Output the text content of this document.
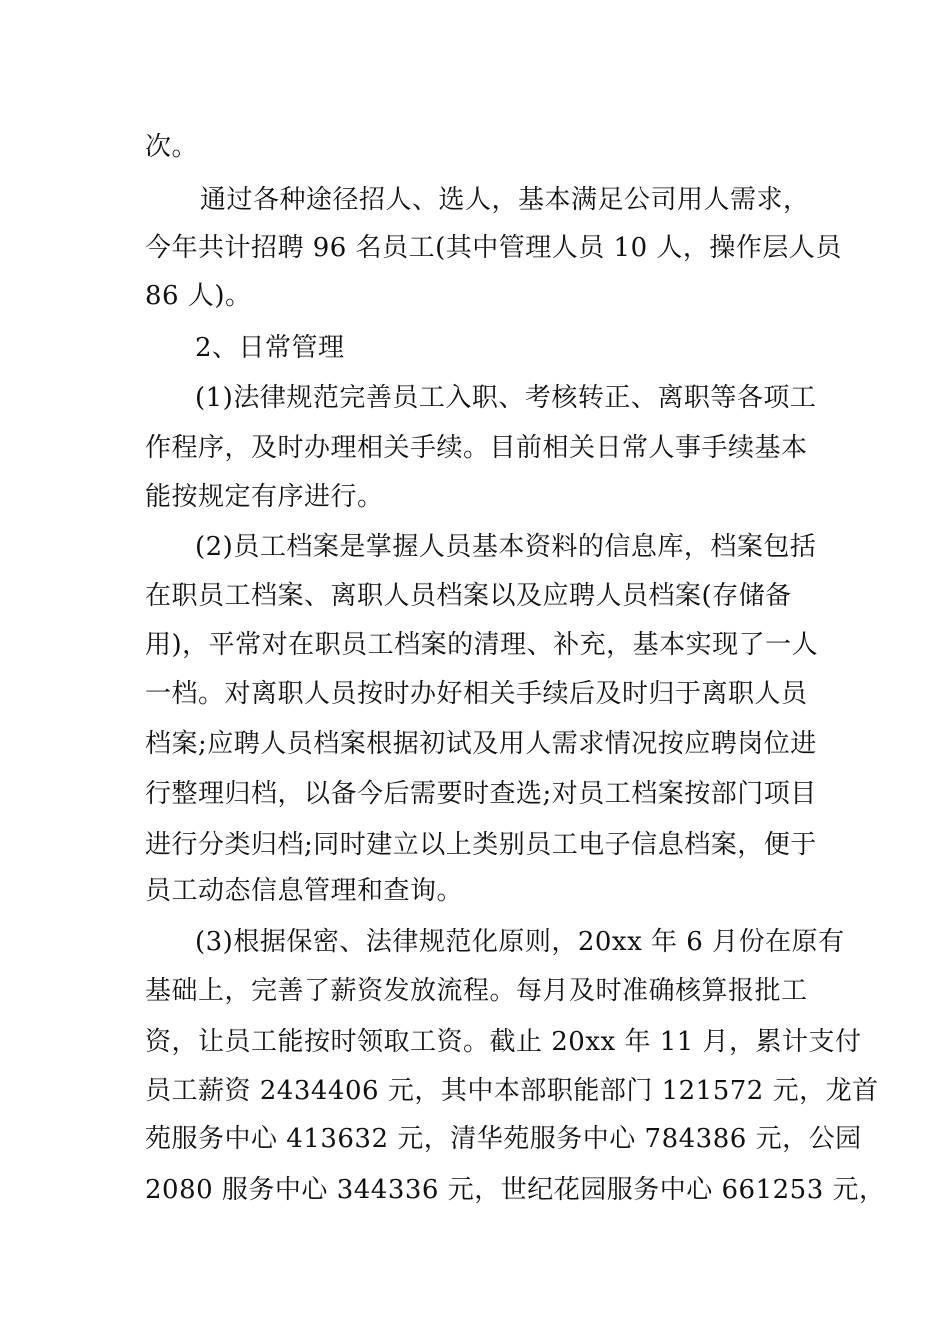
次。

通过各种途径招人、选人，基本满足公司用人需求，

今年共计招聘 96 名员工(其中管理人员 10 人，操作层人员

86 人)。

2、日常管理

(1)法律规范完善员工入职、考核转正、离职等各项工

作程序，及时办理相关手续。目前相关日常人事手续基本

能按规定有序进行。

(2)员工档案是掌握人员基本资料的信息库，档案包括

在职员工档案、离职人员档案以及应聘人员档案(存储备

用)，平常对在职员工档案的清理、补充，基本实现了一人

一档。对离职人员按时办好相关手续后及时归于离职人员

档案;应聘人员档案根据初试及用人需求情况按应聘岗位进

行整理归档，以备今后需要时查选;对员工档案按部门项目

进行分类归档;同时建立以上类别员工电子信息档案，便于

员工动态信息管理和查询。

(3)根据保密、法律规范化原则，20xx 年 6 月份在原有

基础上，完善了薪资发放流程。每月及时准确核算报批工

资，让员工能按时领取工资。截止 20xx 年 11 月，累计支付

员工薪资 2434406 元，其中本部职能部门 121572 元，龙首

苑服务中心 413632 元，清华苑服务中心 784386 元，公园

2080 服务中心 344336 元，世纪花园服务中心 661253 元，
